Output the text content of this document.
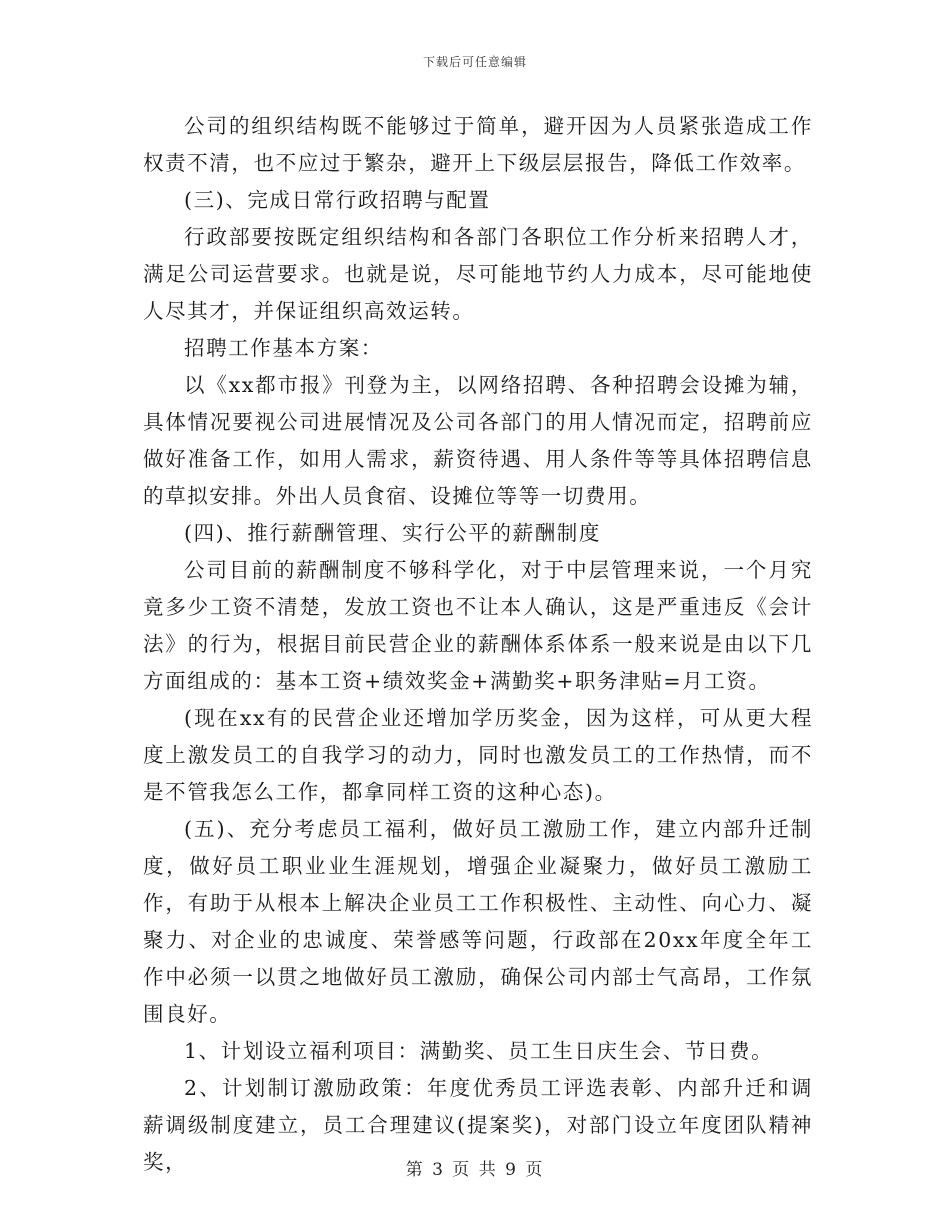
下载后可任意编辑

公司的组织结构既不能够过于简单，避开因为人员紧张造成工作权责不清，也不应过于繁杂，避开上下级层层报告，降低工作效率。

(三)、完成日常行政招聘与配置

行政部要按既定组织结构和各部门各职位工作分析来招聘人才，满足公司运营要求。也就是说，尽可能地节约人力成本，尽可能地使人尽其才，并保证组织高效运转。

招聘工作基本方案：

以《xx都市报》刊登为主，以网络招聘、各种招聘会设摊为辅，具体情况要视公司进展情况及公司各部门的用人情况而定，招聘前应做好准备工作，如用人需求，薪资待遇、用人条件等等具体招聘信息的草拟安排。外出人员食宿、设摊位等等一切费用。

(四)、推行薪酬管理、实行公平的薪酬制度

公司目前的薪酬制度不够科学化，对于中层管理来说，一个月究竟多少工资不清楚，发放工资也不让本人确认，这是严重违反《会计法》的行为，根据目前民营企业的薪酬体系体系一般来说是由以下几方面组成的：基本工资+绩效奖金+满勤奖+职务津贴=月工资。

(现在xx有的民营企业还增加学历奖金，因为这样，可从更大程度上激发员工的自我学习的动力，同时也激发员工的工作热情，而不是不管我怎么工作，都拿同样工资的这种心态)。

(五)、充分考虑员工福利，做好员工激励工作，建立内部升迁制度，做好员工职业业生涯规划，增强企业凝聚力，做好员工激励工作，有助于从根本上解决企业员工工作积极性、主动性、向心力、凝聚力、对企业的忠诚度、荣誉感等问题，行政部在20xx年度全年工作中必须一以贯之地做好员工激励，确保公司内部士气高昂，工作氛围良好。

1、计划设立福利项目：满勤奖、员工生日庆生会、节日费。

2、计划制订激励政策：年度优秀员工评选表彰、内部升迁和调薪调级制度建立，员工合理建议(提案奖)，对部门设立年度团队精神奖，	第 3 页 共 9 页
